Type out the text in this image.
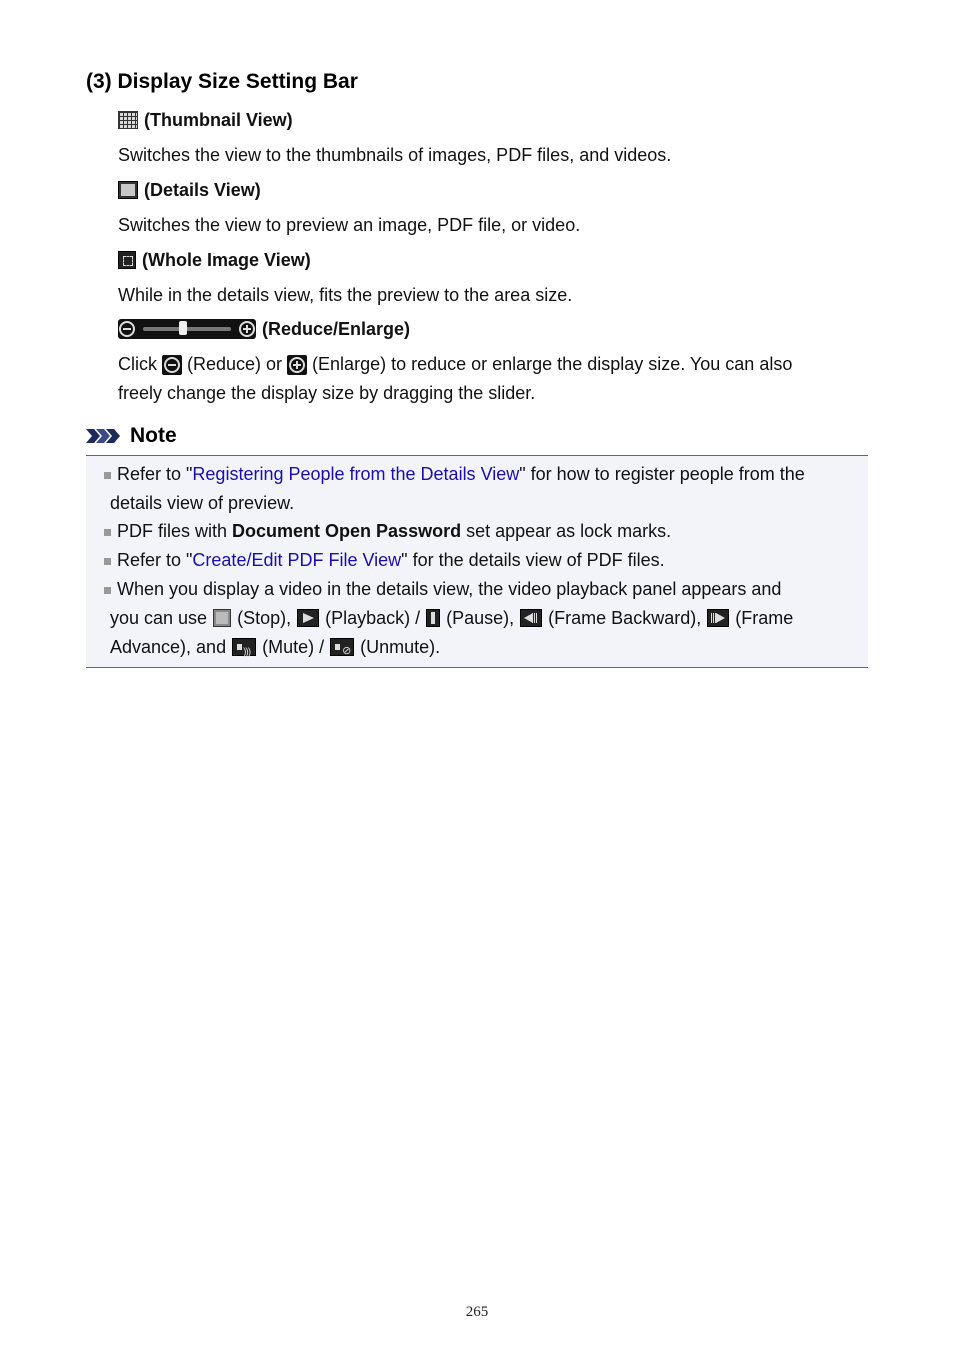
(3) Display Size Setting Bar
(Thumbnail View)
Switches the view to the thumbnails of images, PDF files, and videos.
(Details View)
Switches the view to preview an image, PDF file, or video.
(Whole Image View)
While in the details view, fits the preview to the area size.
(Reduce/Enlarge)
Click
(Reduce) or
(Enlarge) to reduce or enlarge the display size. You can also
freely change the display size by dragging the slider.
Note
Refer to "Registering People from the Details View" for how to register people from the
details view of preview.
PDF files with Document Open Password set appear as lock marks.
Refer to "Create/Edit PDF File View" for the details view of PDF files.
When you display a video in the details view, the video playback panel appears and
you can use  (Stop),  (Playback) /  (Pause),  (Frame Backward),  (Frame
Advance), and ))) (Mute) / ⊘ (Unmute).
265
